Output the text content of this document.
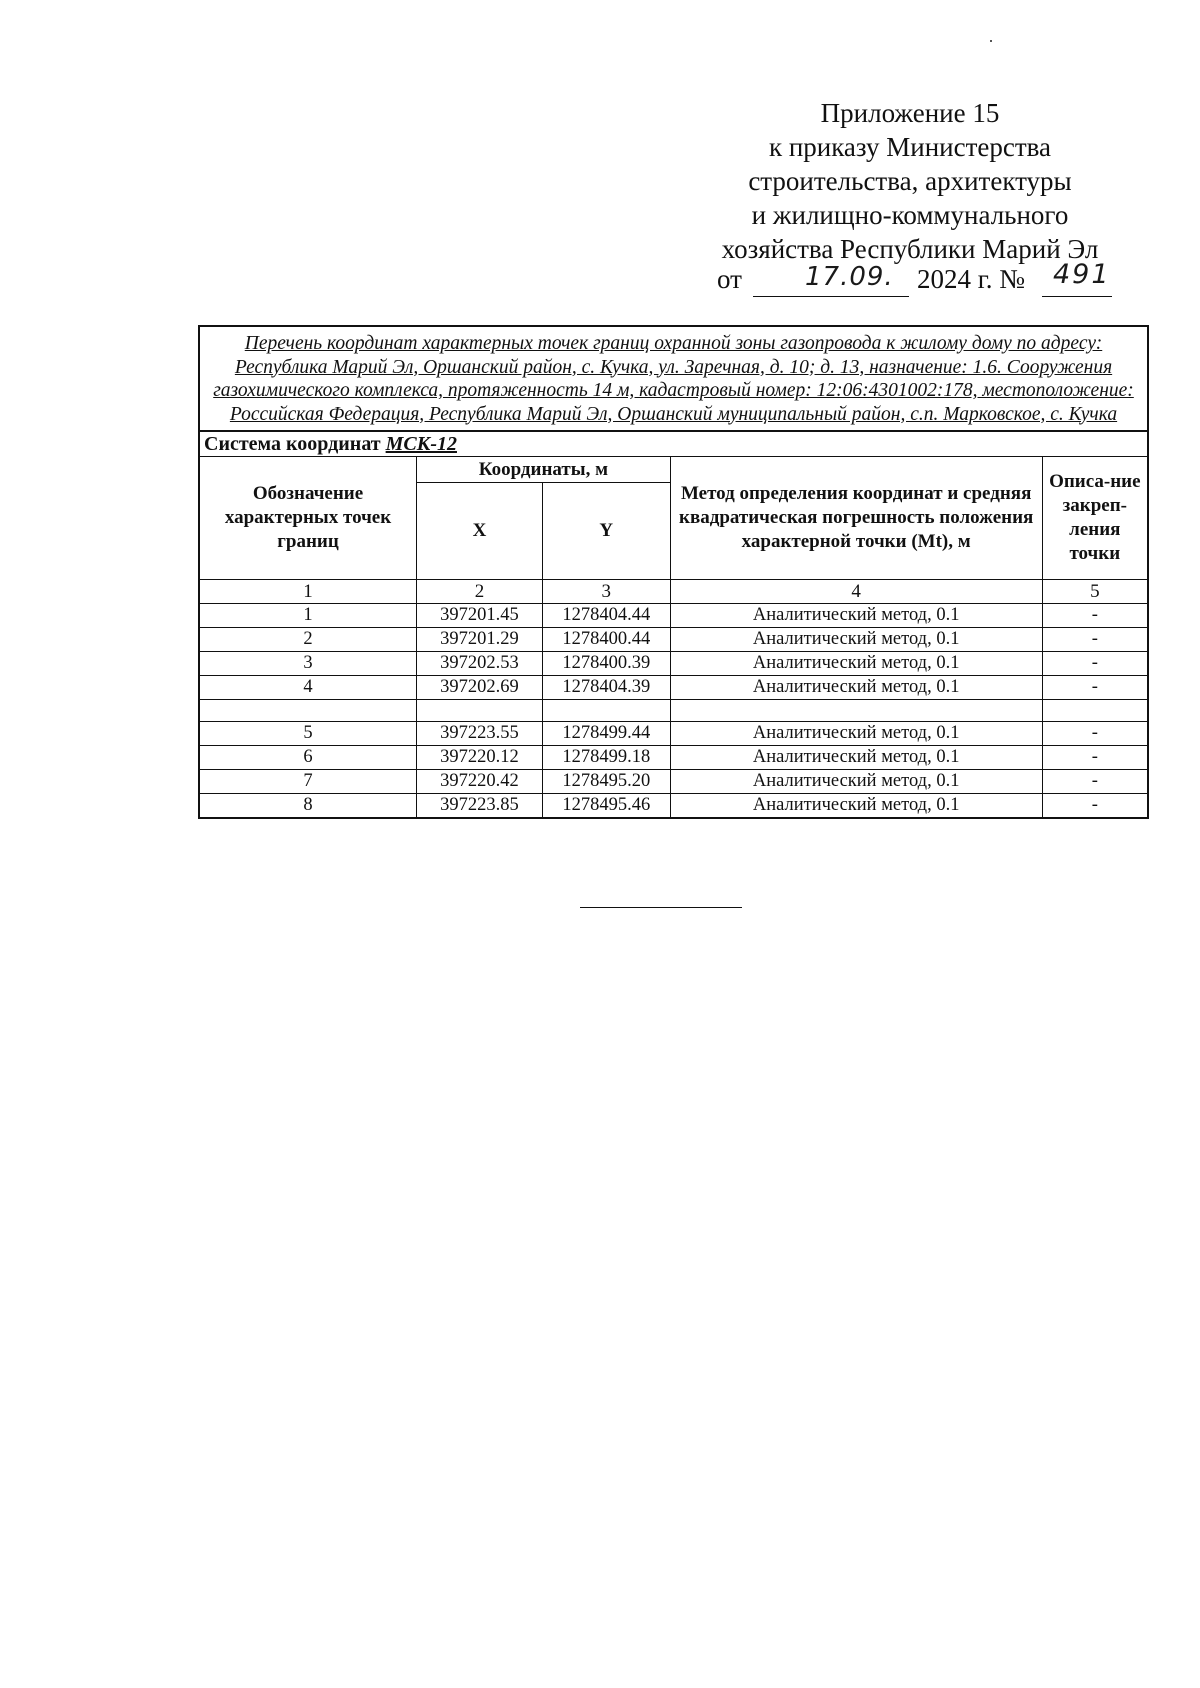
Приложение 15
к приказу Министерства
строительства, архитектуры
и жилищно-коммунального
хозяйства Республики Марий Эл
от 17.09. 2024 г. № 491
Перечень координат характерных точек границ охранной зоны газопровода к жилому дому по адресу: Республика Марий Эл, Оршанский район, с. Кучка, ул. Заречная, д. 10; д. 13, назначение: 1.6. Сооружения газохимического комплекса, протяженность 14 м, кадастровый номер: 12:06:4301002:178, местоположение: Российская Федерация, Республика Марий Эл, Оршанский муниципальный район, с.п. Марковское, с. Кучка				
Система координат МСК-12				
Обозначение характерных точек границ	Координаты, м		Метод определения координат и средняя квадратическая погрешность положения характерной точки (Mt), м	Описа-ние закреп-ления точки
	X	Y		
1	2	3	4	5
1	397201.45	1278404.44	Аналитический метод, 0.1	-
2	397201.29	1278400.44	Аналитический метод, 0.1	-
3	397202.53	1278400.39	Аналитический метод, 0.1	-
4	397202.69	1278404.39	Аналитический метод, 0.1	-

5	397223.55	1278499.44	Аналитический метод, 0.1	-
6	397220.12	1278499.18	Аналитический метод, 0.1	-
7	397220.42	1278495.20	Аналитический метод, 0.1	-
8	397223.85	1278495.46	Аналитический метод, 0.1	-
